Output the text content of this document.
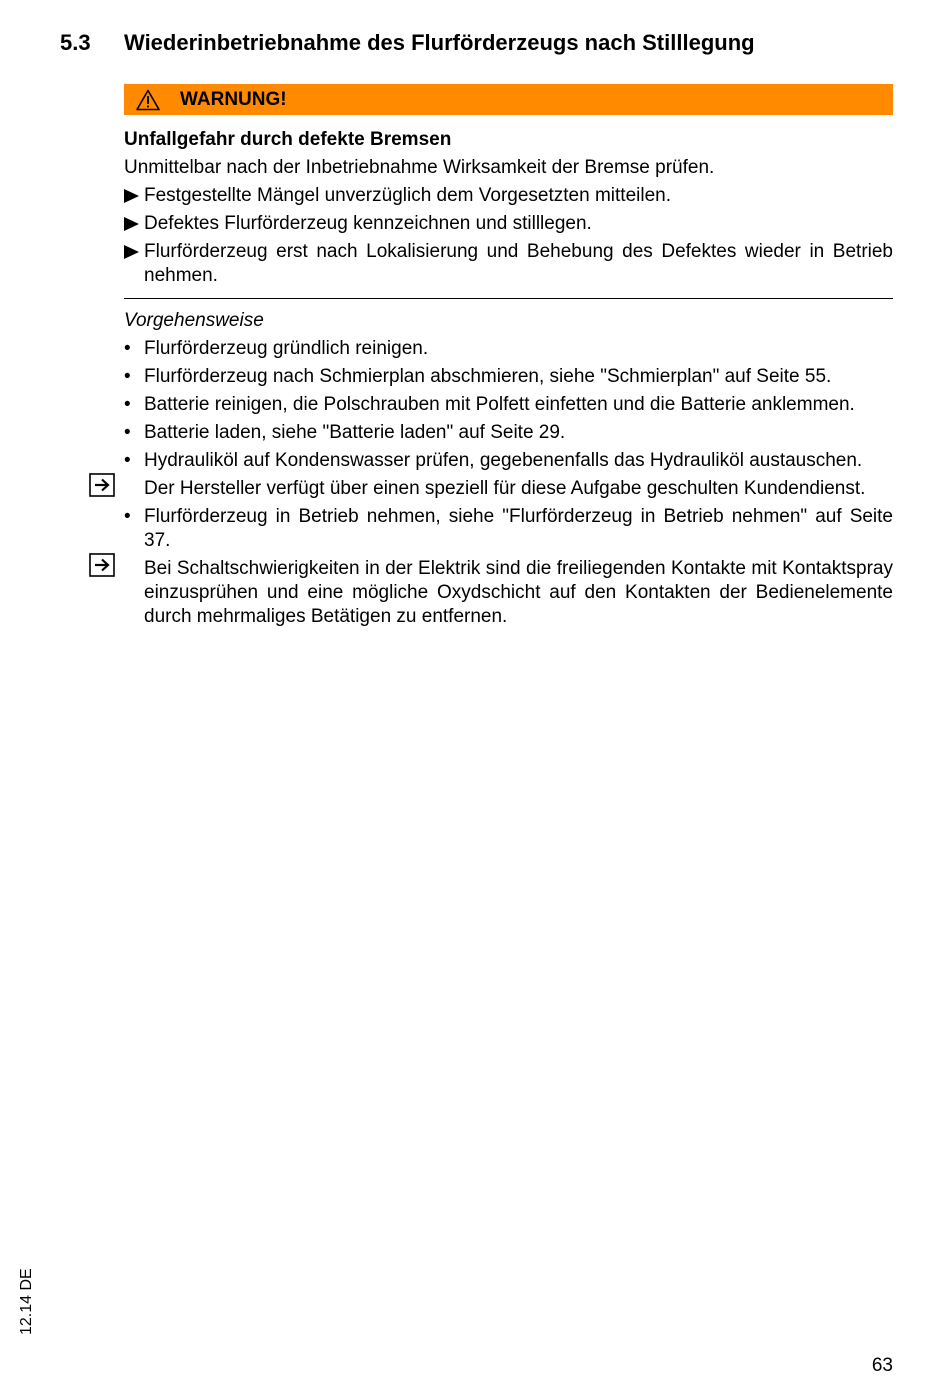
5.3 Wiederinbetriebnahme des Flurförderzeugs nach Stilllegung
WARNUNG!

Unfallgefahr durch defekte Bremsen

Unmittelbar nach der Inbetriebnahme Wirksamkeit der Bremse prüfen.

Festgestellte Mängel unverzüglich dem Vorgesetzten mitteilen.
Defektes Flurförderzeug kennzeichnen und stilllegen.
Flurförderzeug erst nach Lokalisierung und Behebung des Defektes wieder in Betrieb nehmen.
Vorgehensweise
• Flurförderzeug gründlich reinigen.
• Flurförderzeug nach Schmierplan abschmieren, siehe "Schmierplan" auf Seite 55.
• Batterie reinigen, die Polschrauben mit Polfett einfetten und die Batterie anklemmen.
• Batterie laden, siehe "Batterie laden" auf Seite 29.
• Hydrauliköl auf Kondenswasser prüfen, gegebenenfalls das Hydrauliköl austauschen.
Der Hersteller verfügt über einen speziell für diese Aufgabe geschulten Kundendienst.
• Flurförderzeug in Betrieb nehmen, siehe "Flurförderzeug in Betrieb nehmen" auf Seite 37.
Bei Schaltschwierigkeiten in der Elektrik sind die freiliegenden Kontakte mit Kontaktspray einzusprühen und eine mögliche Oxydschicht auf den Kontakten der Bedienelemente durch mehrmaliges Betätigen zu entfernen.
12.14 DE
63
